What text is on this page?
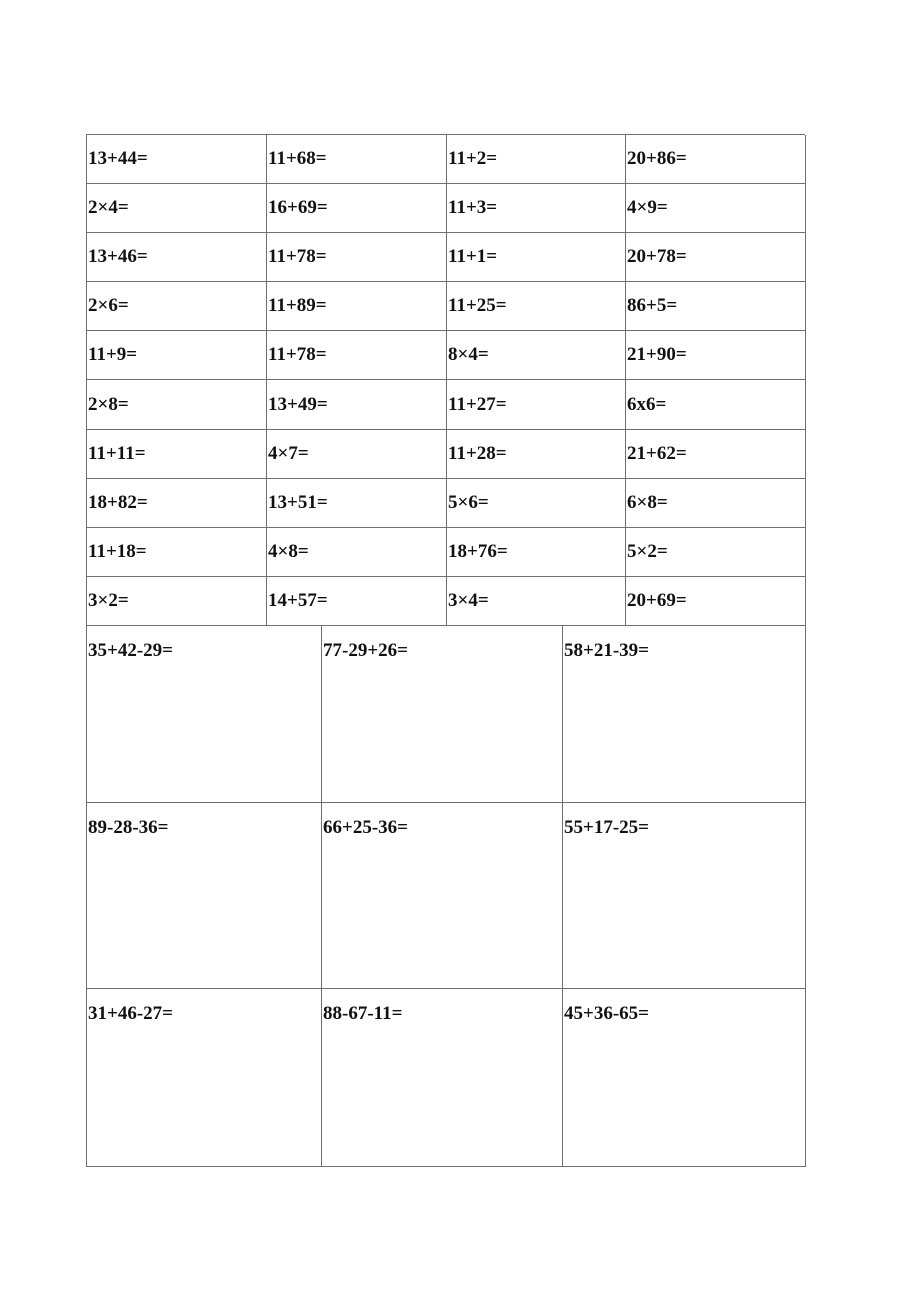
13+44=	11+68=	11+2=	20+86=
2×4=	16+69=	11+3=	4×9=
13+46=	11+78=	11+1=	20+78=
2×6=	11+89=	11+25=	86+5=
11+9=	11+78=	8×4=	21+90=
2×8=	13+49=	11+27=	6x6=
11+11=	4×7=	11+28=	21+62=
18+82=	13+51=	5×6=	6×8=
11+18=	4×8=	18+76=	5×2=
3×2=	14+57=	3×4=	20+69=
35+42-29=	77-29+26=	58+21-39=
89-28-36=	66+25-36=	55+17-25=
31+46-27=	88-67-11=	45+36-65=
